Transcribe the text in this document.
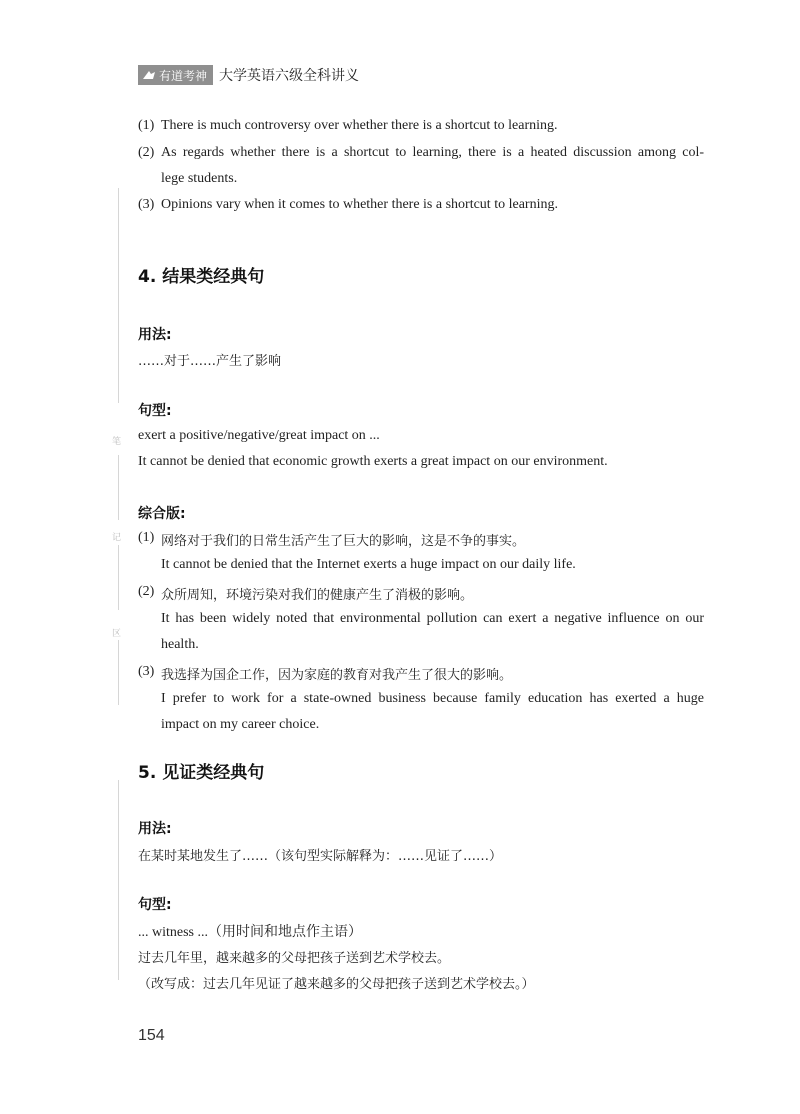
有道考神 大学英语六级全科讲义
笔
记
区
(1) There is much controversy over whether there is a shortcut to learning.
(2) As regards whether there is a shortcut to learning, there is a heated discussion among col-
lege students.
(3) Opinions vary when it comes to whether there is a shortcut to learning.
4. 结果类经典句
用法:
……对于……产生了影响
句型:
exert a positive/negative/great impact on ...
It cannot be denied that economic growth exerts a great impact on our environment.
综合版:
(1) 网络对于我们的日常生活产生了巨大的影响，这是不争的事实。
It cannot be denied that the Internet exerts a huge impact on our daily life.
(2) 众所周知，环境污染对我们的健康产生了消极的影响。
It has been widely noted that environmental pollution can exert a negative influence on our
health.
(3) 我选择为国企工作，因为家庭的教育对我产生了很大的影响。
I prefer to work for a state-owned business because family education has exerted a huge
impact on my career choice.
5. 见证类经典句
用法:
在某时某地发生了……（该句型实际解释为：……见证了……）
句型:
... witness ...（用时间和地点作主语）
过去几年里，越来越多的父母把孩子送到艺术学校去。
（改写成：过去几年见证了越来越多的父母把孩子送到艺术学校去。）
154
